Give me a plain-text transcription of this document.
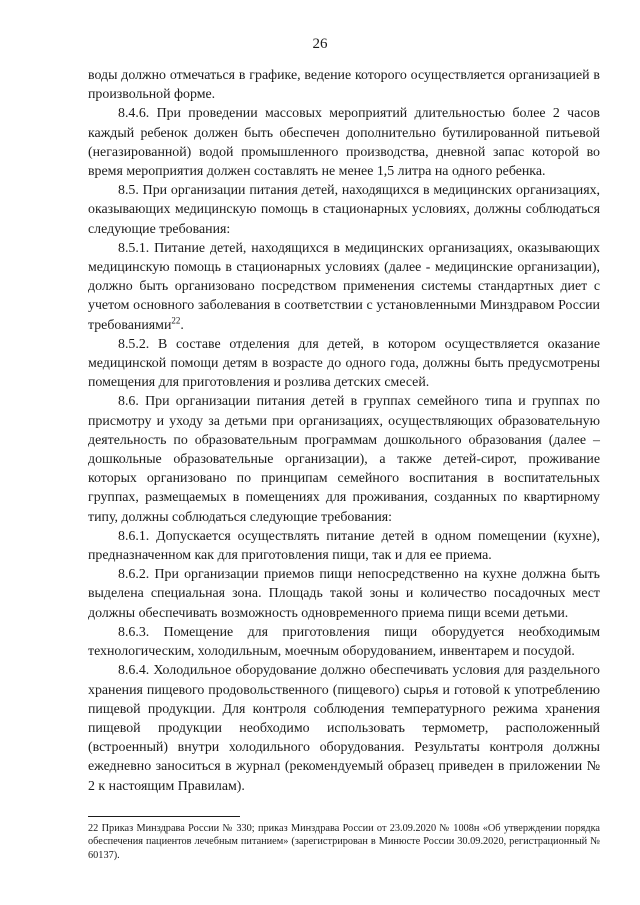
26

воды должно отмечаться в графике, ведение которого осуществляется организацией в произвольной форме.

8.4.6. При проведении массовых мероприятий длительностью более 2 часов каждый ребенок должен быть обеспечен дополнительно бутилированной питьевой (негазированной) водой промышленного производства, дневной запас которой во время мероприятия должен составлять не менее 1,5 литра на одного ребенка.

8.5. При организации питания детей, находящихся в медицинских организациях, оказывающих медицинскую помощь в стационарных условиях, должны соблюдаться следующие требования:

8.5.1. Питание детей, находящихся в медицинских организациях, оказывающих медицинскую помощь в стационарных условиях (далее - медицинские организации), должно быть организовано посредством применения системы стандартных диет с учетом основного заболевания в соответствии с установленными Минздравом России требованиями$^{22}$.

8.5.2. В составе отделения для детей, в котором осуществляется оказание медицинской помощи детям в возрасте до одного года, должны быть предусмотрены помещения для приготовления и розлива детских смесей.

8.6. При организации питания детей в группах семейного типа и группах по присмотру и уходу за детьми при организациях, осуществляющих образовательную деятельность по образовательным программам дошкольного образования (далее – дошкольные образовательные организации), а также детей-сирот, проживание которых организовано по принципам семейного воспитания в воспитательных группах, размещаемых в помещениях для проживания, созданных по квартирному типу, должны соблюдаться следующие требования:

8.6.1. Допускается осуществлять питание детей в одном помещении (кухне), предназначенном как для приготовления пищи, так и для ее приема.

8.6.2. При организации приемов пищи непосредственно на кухне должна быть выделена специальная зона. Площадь такой зоны и количество посадочных мест должны обеспечивать возможность одновременного приема пищи всеми детьми.

8.6.3. Помещение для приготовления пищи оборудуется необходимым технологическим, холодильным, моечным оборудованием, инвентарем и посудой.

8.6.4. Холодильное оборудование должно обеспечивать условия для раздельного хранения пищевого продовольственного (пищевого) сырья и готовой к употреблению пищевой продукции. Для контроля соблюдения температурного режима хранения пищевой продукции необходимо использовать термометр, расположенный (встроенный) внутри холодильного оборудования. Результаты контроля должны ежедневно заноситься в журнал (рекомендуемый образец приведен в приложении № 2 к настоящим Правилам).

22 Приказ Минздрава России № 330; приказ Минздрава России от 23.09.2020 № 1008н «Об утверждении порядка обеспечения пациентов лечебным питанием» (зарегистрирован в Минюсте России 30.09.2020, регистрационный № 60137).
